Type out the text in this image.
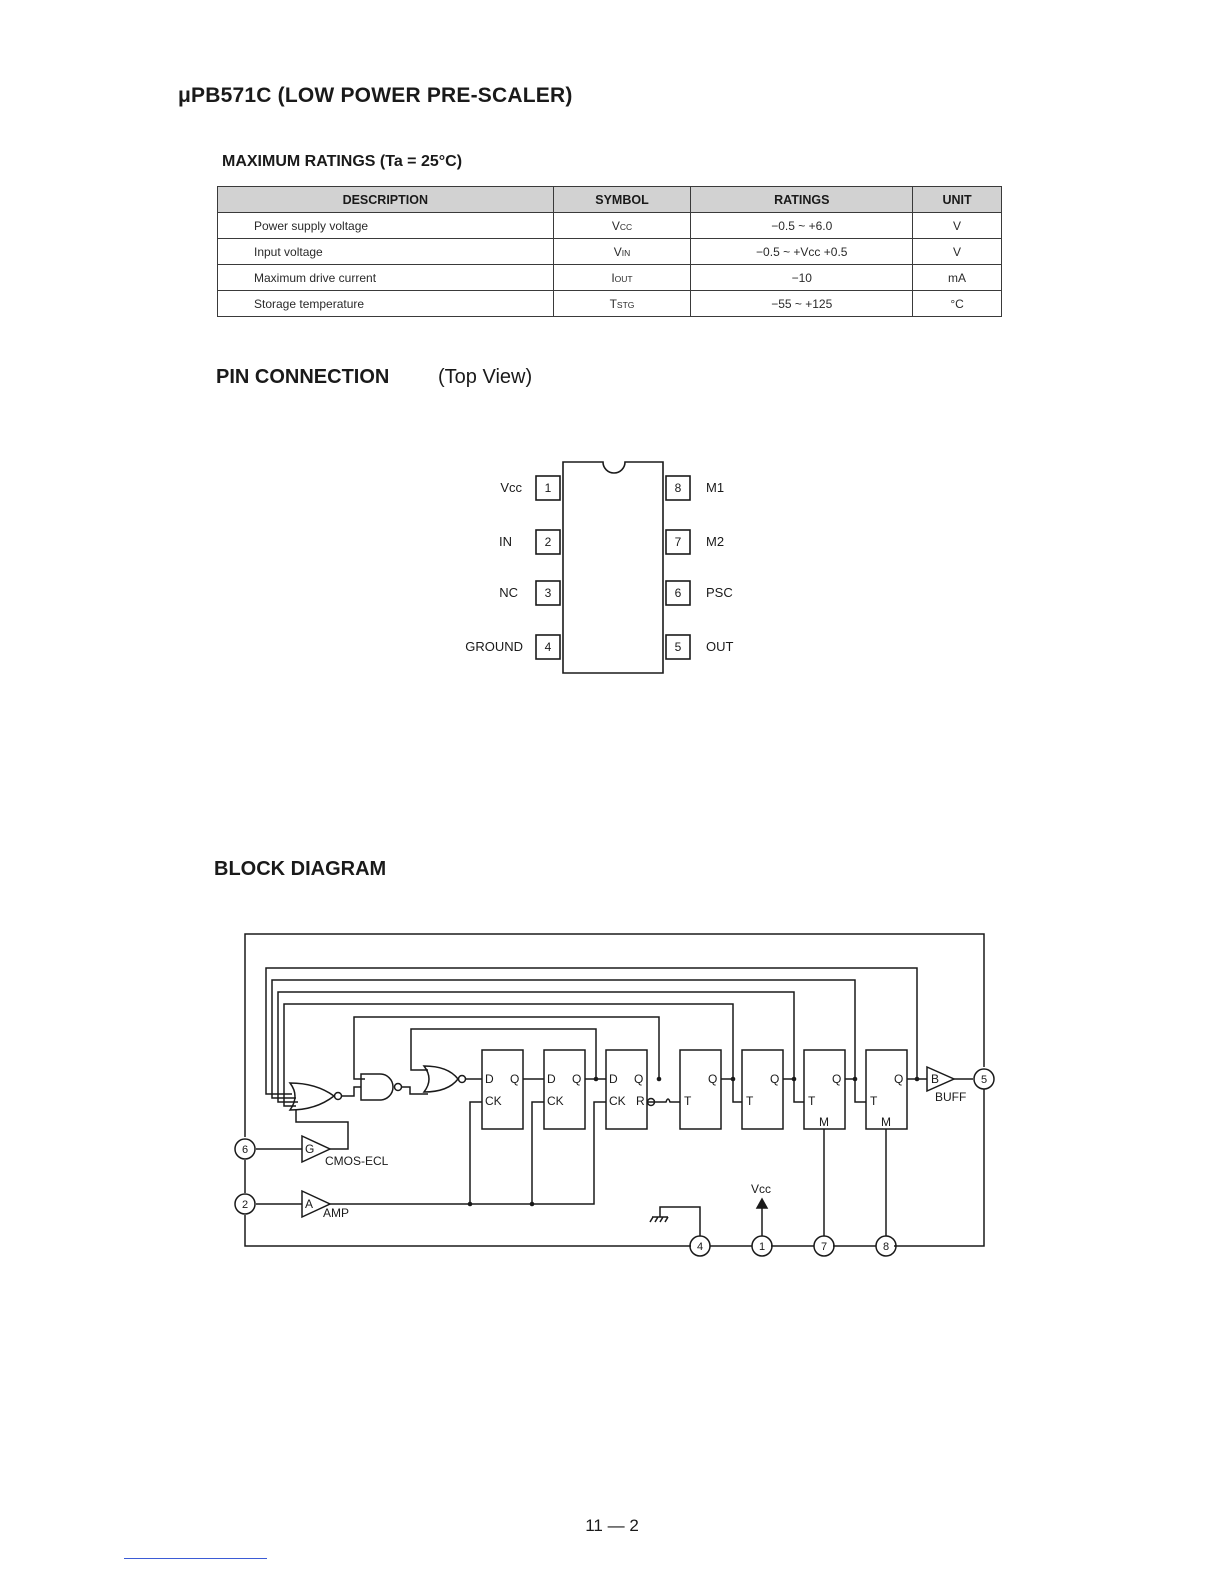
μPB571C (LOW POWER PRE-SCALER)
MAXIMUM RATINGS (Ta = 25°C)
DESCRIPTION	SYMBOL	RATINGS	UNIT
Power supply voltage	VCC	−0.5 ~ +6.0	V
Input voltage	VIN	−0.5 ~ +Vcc +0.5	V
Maximum drive current	IOUT	−10	mA
Storage temperature	TSTG	−55 ~ +125	°C
PIN CONNECTION (Top View)
1
2
3
4
8
7
6
5
Vcc
IN
NC
GROUND
M1
M2
PSC
OUT
BLOCK DIAGRAM
D Q
CK
D Q
CK
D Q
CK R
Q
T
Q
T
Q
T
M
Q
T
M
B
BUFF
G
CMOS-ECL
A
AMP
Vcc
6
2
5
4	1	7	8
11 — 2
